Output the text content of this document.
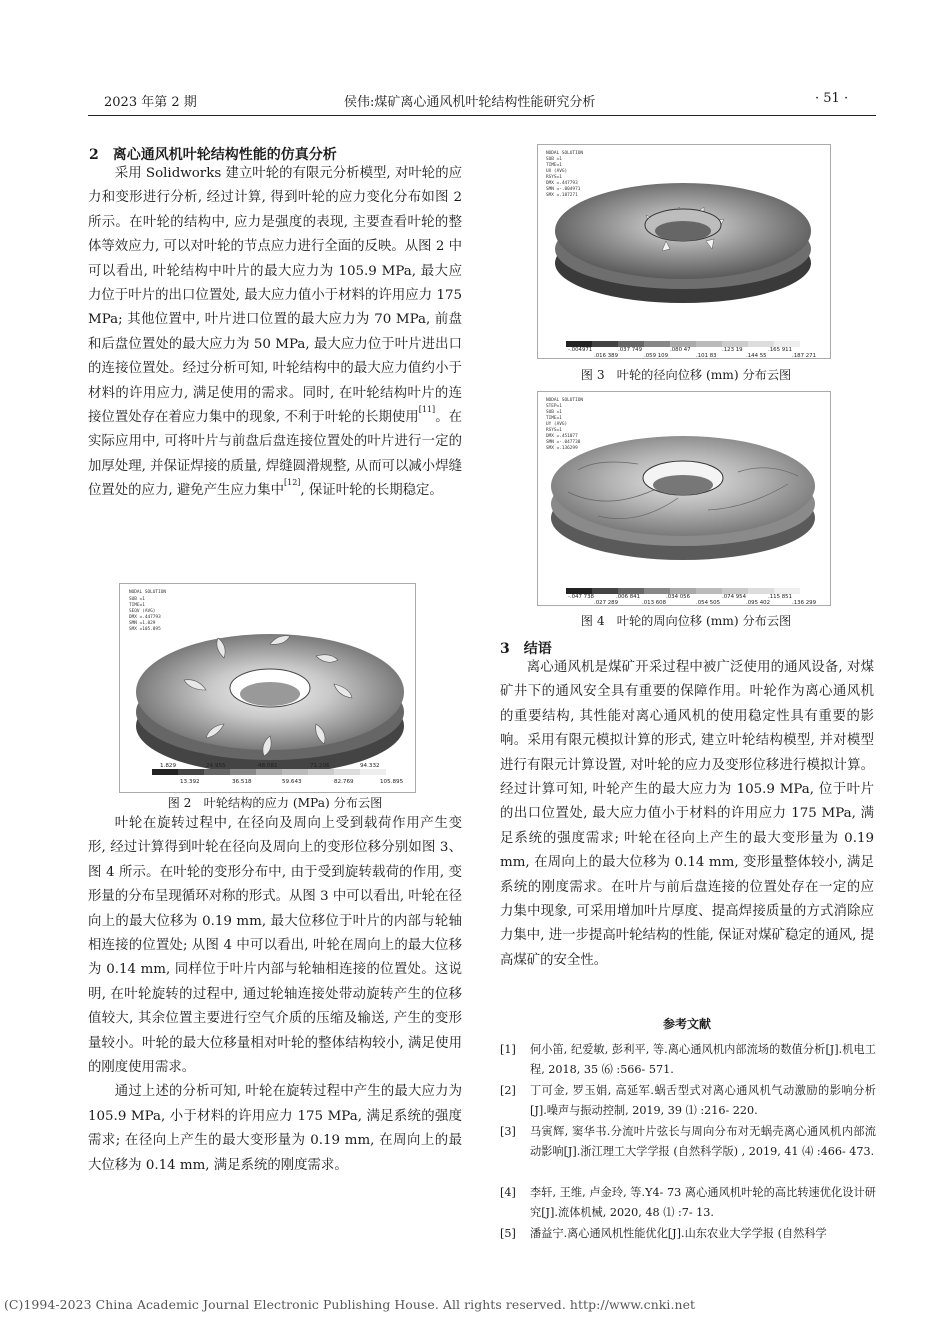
2023 年第 2 期	侯伟:煤矿离心通风机叶轮结构性能研究分析	· 51 ·
2　离心通风机叶轮结构性能的仿真分析

采用 Solidworks 建立叶轮的有限元分析模型, 对叶轮的应力和变形进行分析, 经过计算, 得到叶轮的应力变化分布如图 2 所示。在叶轮的结构中, 应力是强度的表现, 主要查看叶轮的整体等效应力, 可以对叶轮的节点应力进行全面的反映。从图 2 中可以看出, 叶轮结构中叶片的最大应力为 105.9 MPa, 最大应力位于叶片的出口位置处, 最大应力值小于材料的许用应力 175 MPa; 其他位置中, 叶片进口位置的最大应力为 70 MPa, 前盘和后盘位置处的最大应力为 50 MPa, 最大应力位于叶片进出口的连接位置处。经过分析可知, 叶轮结构中的最大应力值约小于材料的许用应力, 满足使用的需求。同时, 在叶轮结构叶片的连接位置处存在着应力集中的现象, 不利于叶轮的长期使用[11]。在实际应用中, 可将叶片与前盘后盘连接位置处的叶片进行一定的加厚处理, 并保证焊接的质量, 焊缝圆滑规整, 从而可以减小焊缝位置处的应力, 避免产生应力集中[12], 保证叶轮的长期稳定。

NODAL SOLUTION
SUB =1
TIME=1
SEQV (AVG)
DMX =.447793
SMN =1.829
SMX =105.895
1.829	24.955	48.081	71.206	94.332
13.392	36.518	59.643	82.769	105.895
图 2　叶轮结构的应力 (MPa) 分布云图

叶轮在旋转过程中, 在径向及周向上受到载荷作用产生变形, 经过计算得到叶轮在径向及周向上的变形位移分别如图 3、图 4 所示。在叶轮的变形分布中, 由于受到旋转载荷的作用, 变形量的分布呈现循环对称的形式。从图 3 中可以看出, 叶轮在径向上的最大位移为 0.19 mm, 最大位移位于叶片的内部与轮轴相连接的位置处; 从图 4 中可以看出, 叶轮在周向上的最大位移为 0.14 mm, 同样位于叶片内部与轮轴相连接的位置处。这说明, 在叶轮旋转的过程中, 通过轮轴连接处带动旋转产生的位移值较大, 其余位置主要进行空气介质的压缩及输送, 产生的变形量较小。叶轮的最大位移量相对叶轮的整体结构较小, 满足使用的刚度使用需求。

通过上述的分析可知, 叶轮在旋转过程中产生的最大应力为 105.9 MPa, 小于材料的许用应力 175 MPa, 满足系统的强度需求; 在径向上产生的最大变形量为 0.19 mm, 在周向上的最大位移为 0.14 mm, 满足系统的刚度需求。

NODAL SOLUTION
SUB =1
TIME=1
UX (AVG)
RSYS=1
DMX =.447793
SMN =-.004971
SMX =.187271
-.004971	.037 749	.080 47	.123 19	.165 911
.016 389	.059 109	.101 83	.144 55	.187 271
图 3　叶轮的径向位移 (mm) 分布云图
NODAL SOLUTION
STEP=1
SUB =1
TIME=1
UY (AVG)
RSYS=1
DMX =.451077
SMN =-.047738
SMX =.136299
-.047 738	.006 841	.034 056	.074 954	.115 851
.027 289	.013 608	.054 505	.095 402	.136 299
图 4　叶轮的周向位移 (mm) 分布云图
3　结语

离心通风机是煤矿开采过程中被广泛使用的通风设备, 对煤矿井下的通风安全具有重要的保障作用。叶轮作为离心通风机的重要结构, 其性能对离心通风机的使用稳定性具有重要的影响。采用有限元模拟计算的形式, 建立叶轮结构模型, 并对模型进行有限元计算设置, 对叶轮的应力及变形位移进行模拟计算。经过计算可知, 叶轮产生的最大应力为 105.9 MPa, 位于叶片的出口位置处, 最大应力值小于材料的许用应力 175 MPa, 满足系统的强度需求; 叶轮在径向上产生的最大变形量为 0.19 mm, 在周向上的最大位移为 0.14 mm, 变形量整体较小, 满足系统的刚度需求。在叶片与前后盘连接的位置处存在一定的应力集中现象, 可采用增加叶片厚度、提高焊接质量的方式消除应力集中, 进一步提高叶轮结构的性能, 保证对煤矿稳定的通风, 提高煤矿的安全性。

参考文献
[1]	何小笛, 纪爱敏, 彭利平, 等.离心通风机内部流场的数值分析[J].机电工程, 2018, 35 ⑹ :566- 571.
[2]	丁可金, 罗玉娟, 高延军.蜗舌型式对离心通风机气动激励的影响分析[J].噪声与振动控制, 2019, 39 ⑴ :216- 220.
[3]	马寅辉, 窦华书.分流叶片弦长与周向分布对无蜗壳离心通风机内部流动影响[J].浙江理工大学学报 (自然科学版) , 2019, 41 ⑷ :466- 473.
[4]	李轩, 王维, 卢金玲, 等.Y4- 73 离心通风机叶轮的高比转速优化设计研究[J].流体机械, 2020, 48 ⑴ :7- 13.
[5]	潘益宁.离心通风机性能优化[J].山东农业大学学报 (自然科学
(C)1994-2023 China Academic Journal Electronic Publishing House. All rights reserved. http://www.cnki.net
